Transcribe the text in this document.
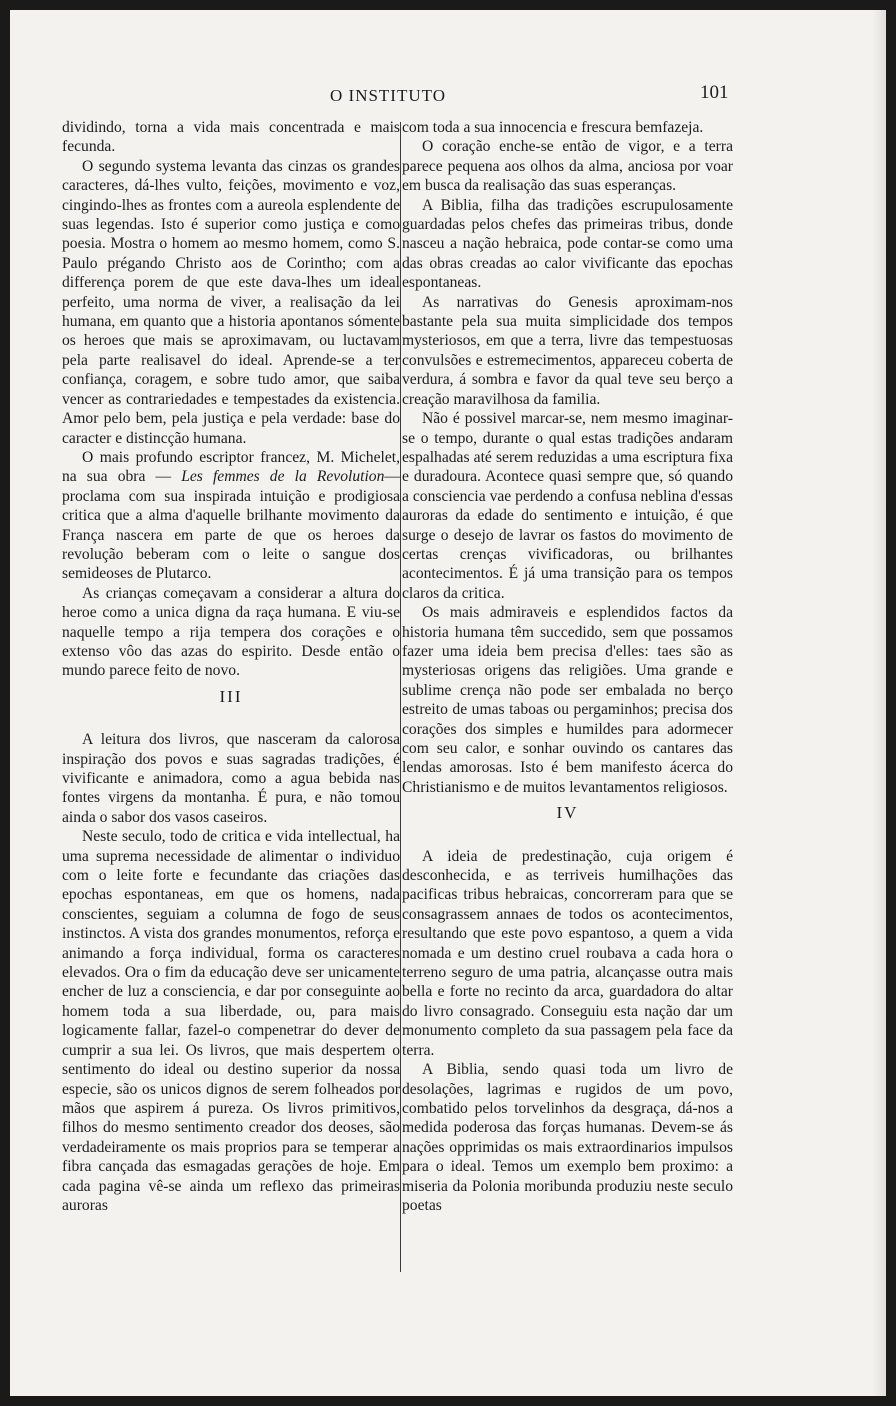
O INSTITUTO	101

dividindo, torna a vida mais concentrada e mais fecunda.

O segundo systema levanta das cinzas os grandes caracteres, dá-lhes vulto, feições, movimento e voz, cingindo-lhes as frontes com a aureola esplendente de suas legendas. Isto é superior como justiça e como poesia. Mostra o homem ao mesmo homem, como S. Paulo prégando Christo aos de Corintho; com a differença porem de que este dava-lhes um ideal perfeito, uma norma de viver, a realisação da lei humana, em quanto que a historia apontanos sómente os heroes que mais se aproximavam, ou luctavam pela parte realisavel do ideal. Aprende-se a ter confiança, coragem, e sobre tudo amor, que saiba vencer as contrariedades e tempestades da existencia. Amor pelo bem, pela justiça e pela verdade: base do caracter e distincção humana.

O mais profundo escriptor francez, M. Michelet, na sua obra — Les femmes de la Revolution—proclama com sua inspirada intuição e prodigiosa critica que a alma d'aquelle brilhante movimento da França nascera em parte de que os heroes da revolução beberam com o leite o sangue dos semideoses de Plutarco.

As crianças começavam a considerar a altura do heroe como a unica digna da raça humana. E viu-se naquelle tempo a rija tempera dos corações e o extenso vôo das azas do espirito. Desde então o mundo parece feito de novo.

III

A leitura dos livros, que nasceram da calorosa inspiração dos povos e suas sagradas tradições, é vivificante e animadora, como a agua bebida nas fontes virgens da montanha. É pura, e não tomou ainda o sabor dos vasos caseiros.

Neste seculo, todo de critica e vida intellectual, ha uma suprema necessidade de alimentar o individuo com o leite forte e fecundante das criações das epochas espontaneas, em que os homens, nada conscientes, seguiam a columna de fogo de seus instinctos. A vista dos grandes monumentos, reforça e animando a força individual, forma os caracteres elevados. Ora o fim da educação deve ser unicamente encher de luz a consciencia, e dar por conseguinte ao homem toda a sua liberdade, ou, para mais logicamente fallar, fazel-o compenetrar do dever de cumprir a sua lei. Os livros, que mais despertem o sentimento do ideal ou destino superior da nossa especie, são os unicos dignos de serem folheados por mãos que aspirem á pureza. Os livros primitivos, filhos do mesmo sentimento creador dos deoses, são verdadeiramente os mais proprios para se temperar a fibra cançada das esmagadas gerações de hoje. Em cada pagina vê-se ainda um reflexo das primeiras auroras

com toda a sua innocencia e frescura bemfazeja.

O coração enche-se então de vigor, e a terra parece pequena aos olhos da alma, anciosa por voar em busca da realisação das suas esperanças.

A Biblia, filha das tradições escrupulosamente guardadas pelos chefes das primeiras tribus, donde nasceu a nação hebraica, pode contar-se como uma das obras creadas ao calor vivificante das epochas espontaneas.

As narrativas do Genesis aproximam-nos bastante pela sua muita simplicidade dos tempos mysteriosos, em que a terra, livre das tempestuosas convulsões e estremecimentos, appareceu coberta de verdura, á sombra e favor da qual teve seu berço a creação maravilhosa da familia.

Não é possivel marcar-se, nem mesmo imaginar-se o tempo, durante o qual estas tradições andaram espalhadas até serem reduzidas a uma escriptura fixa e duradoura. Acontece quasi sempre que, só quando a consciencia vae perdendo a confusa neblina d'essas auroras da edade do sentimento e intuição, é que surge o desejo de lavrar os fastos do movimento de certas crenças vivificadoras, ou brilhantes acontecimentos. É já uma transição para os tempos claros da critica.

Os mais admiraveis e esplendidos factos da historia humana têm succedido, sem que possamos fazer uma ideia bem precisa d'elles: taes são as mysteriosas origens das religiões. Uma grande e sublime crença não pode ser embalada no berço estreito de umas taboas ou pergaminhos; precisa dos corações dos simples e humildes para adormecer com seu calor, e sonhar ouvindo os cantares das lendas amorosas. Isto é bem manifesto ácerca do Christianismo e de muitos levantamentos religiosos.

IV

A ideia de predestinação, cuja origem é desconhecida, e as terriveis humilhações das pacificas tribus hebraicas, concorreram para que se consagrassem annaes de todos os acontecimentos, resultando que este povo espantoso, a quem a vida nomada e um destino cruel roubava a cada hora o terreno seguro de uma patria, alcançasse outra mais bella e forte no recinto da arca, guardadora do altar do livro consagrado. Conseguiu esta nação dar um monumento completo da sua passagem pela face da terra.

A Biblia, sendo quasi toda um livro de desolações, lagrimas e rugidos de um povo, combatido pelos torvelinhos da desgraça, dá-nos a medida poderosa das forças humanas. Devem-se ás nações opprimidas os mais extraordinarios impulsos para o ideal. Temos um exemplo bem proximo: a miseria da Polonia moribunda produziu neste seculo poetas
